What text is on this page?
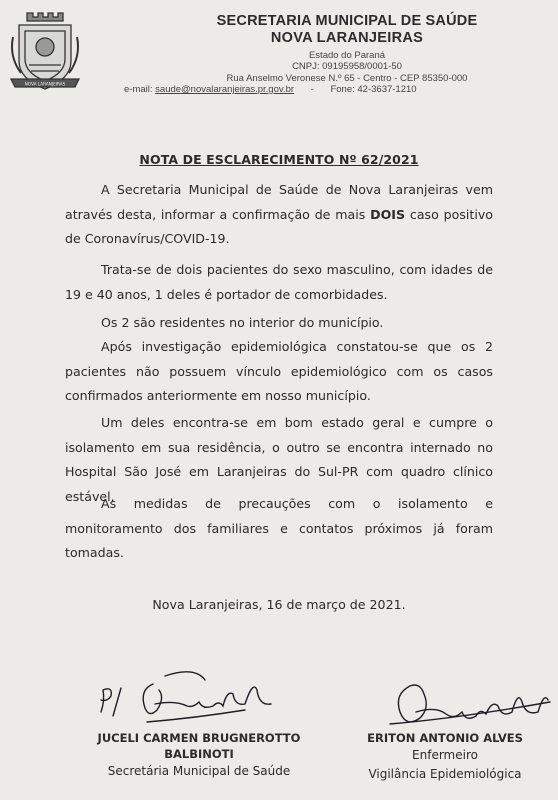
NOVA LARANJEIRAS
SECRETARIA MUNICIPAL DE SAÚDE
NOVA LARANJEIRAS
Estado do Paraná
CNPJ: 09195958/0001-50
Rua Anselmo Veronese N.º 65 - Centro - CEP 85350-000
e-mail: saude@novalaranjeiras.pr.gov.br - Fone: 42-3637-1210
NOTA DE ESCLARECIMENTO Nº 62/2021
A Secretaria Municipal de Saúde de Nova Laranjeiras vem através desta, informar a confirmação de mais DOIS caso positivo de Coronavírus/COVID-19.
Trata-se de dois pacientes do sexo masculino, com idades de 19 e 40 anos, 1 deles é portador de comorbidades.
Os 2 são residentes no interior do município.
Após investigação epidemiológica constatou-se que os 2 pacientes não possuem vínculo epidemiológico com os casos confirmados anteriormente em nosso município.
Um deles encontra-se em bom estado geral e cumpre o isolamento em sua residência, o outro se encontra internado no Hospital São José em Laranjeiras do Sul-PR com quadro clínico estável.
As medidas de precauções com o isolamento e monitoramento dos familiares e contatos próximos já foram tomadas.
Nova Laranjeiras, 16 de março de 2021.
JUCELI CARMEN BRUGNEROTTO BALBINOTI
Secretária Municipal de Saúde
ERITON ANTONIO ALVES
Enfermeiro
Vigilância Epidemiológica
